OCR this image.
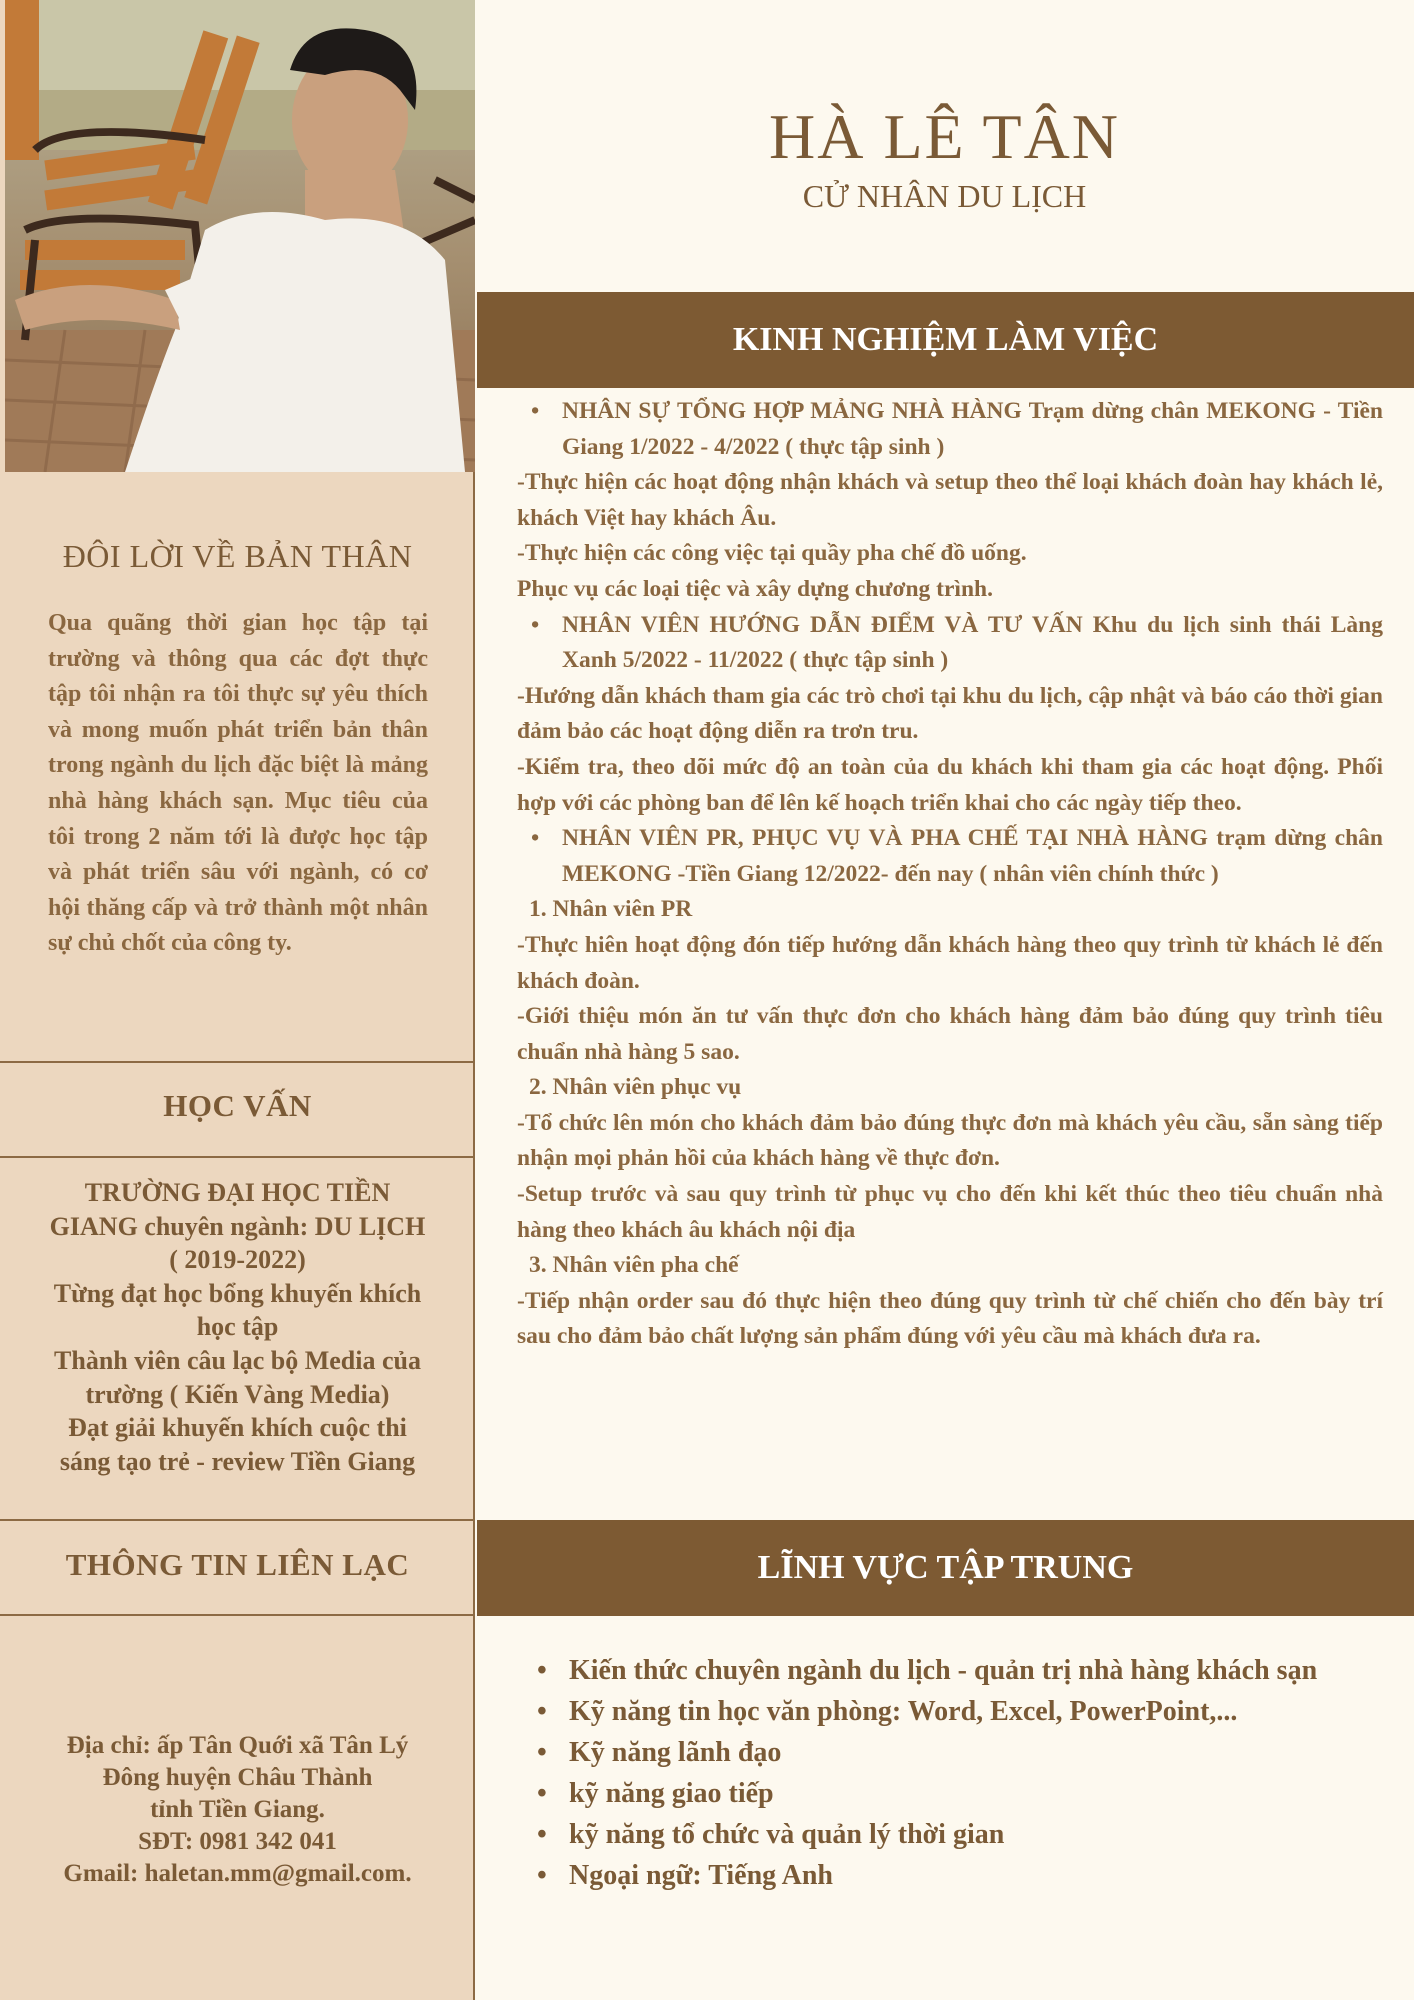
ĐÔI LỜI VỀ BẢN THÂN
Qua quãng thời gian học tập tại trường và thông qua các đợt thực tập tôi nhận ra tôi thực sự yêu thích và mong muốn phát triển bản thân trong ngành du lịch đặc biệt là mảng nhà hàng khách sạn. Mục tiêu của tôi trong 2 năm tới là được học tập và phát triển sâu với ngành, có cơ hội thăng cấp và trở thành một nhân sự chủ chốt của công ty.
HỌC VẤN

TRƯỜNG ĐẠI HỌC TIỀN

GIANG chuyên ngành: DU LỊCH

( 2019-2022)

Từng đạt học bổng khuyến khích

học tập

Thành viên câu lạc bộ Media của

trường ( Kiến Vàng Media)

Đạt giải khuyến khích cuộc thi

sáng tạo trẻ - review Tiền Giang

THÔNG TIN LIÊN LẠC

Địa chỉ: ấp Tân Quới xã Tân Lý

Đông huyện Châu Thành

tỉnh Tiền Giang.

SĐT: 0981 342 041

Gmail: haletan.mm@gmail.com.

HÀ LÊ TÂN
CỬ NHÂN DU LỊCH
KINH NGHIỆM LÀM VIỆC

• NHÂN SỰ TỔNG HỢP MẢNG NHÀ HÀNG Trạm dừng chân MEKONG - Tiền Giang 1/2022 - 4/2022 ( thực tập sinh )

-Thực hiện các hoạt động nhận khách và setup theo thể loại khách đoàn hay khách lẻ, khách Việt hay khách Âu.

-Thực hiện các công việc tại quầy pha chế đồ uống.

Phục vụ các loại tiệc và xây dựng chương trình.

• NHÂN VIÊN HƯỚNG DẪN ĐIỂM VÀ TƯ VẤN Khu du lịch sinh thái Làng Xanh 5/2022 - 11/2022 ( thực tập sinh )

-Hướng dẫn khách tham gia các trò chơi tại khu du lịch, cập nhật và báo cáo thời gian đảm bảo các hoạt động diễn ra trơn tru.

-Kiểm tra, theo dõi mức độ an toàn của du khách khi tham gia các hoạt động. Phối hợp với các phòng ban để lên kế hoạch triển khai cho các ngày tiếp theo.

• NHÂN VIÊN PR, PHỤC VỤ VÀ PHA CHẾ TẠI NHÀ HÀNG trạm dừng chân MEKONG -Tiền Giang 12/2022- đến nay ( nhân viên chính thức )

1. Nhân viên PR

-Thực hiên hoạt động đón tiếp hướng dẫn khách hàng theo quy trình từ khách lẻ đến khách đoàn.

-Giới thiệu món ăn tư vấn thực đơn cho khách hàng đảm bảo đúng quy trình tiêu chuẩn nhà hàng 5 sao.

2. Nhân viên phục vụ

-Tổ chức lên món cho khách đảm bảo đúng thực đơn mà khách yêu cầu, sẵn sàng tiếp nhận mọi phản hồi của khách hàng về thực đơn.

-Setup trước và sau quy trình từ phục vụ cho đến khi kết thúc theo tiêu chuẩn nhà hàng theo khách âu khách nội địa

3. Nhân viên pha chế

-Tiếp nhận order sau đó thực hiện theo đúng quy trình từ chế chiến cho đến bày trí sau cho đảm bảo chất lượng sản phẩm đúng với yêu cầu mà khách đưa ra.

LĨNH VỰC TẬP TRUNG
• Kiến thức chuyên ngành du lịch - quản trị nhà hàng khách sạn
• Kỹ năng tin học văn phòng: Word, Excel, PowerPoint,...
• Kỹ năng lãnh đạo
• kỹ năng giao tiếp
• kỹ năng tổ chức và quản lý thời gian
• Ngoại ngữ: Tiếng Anh
